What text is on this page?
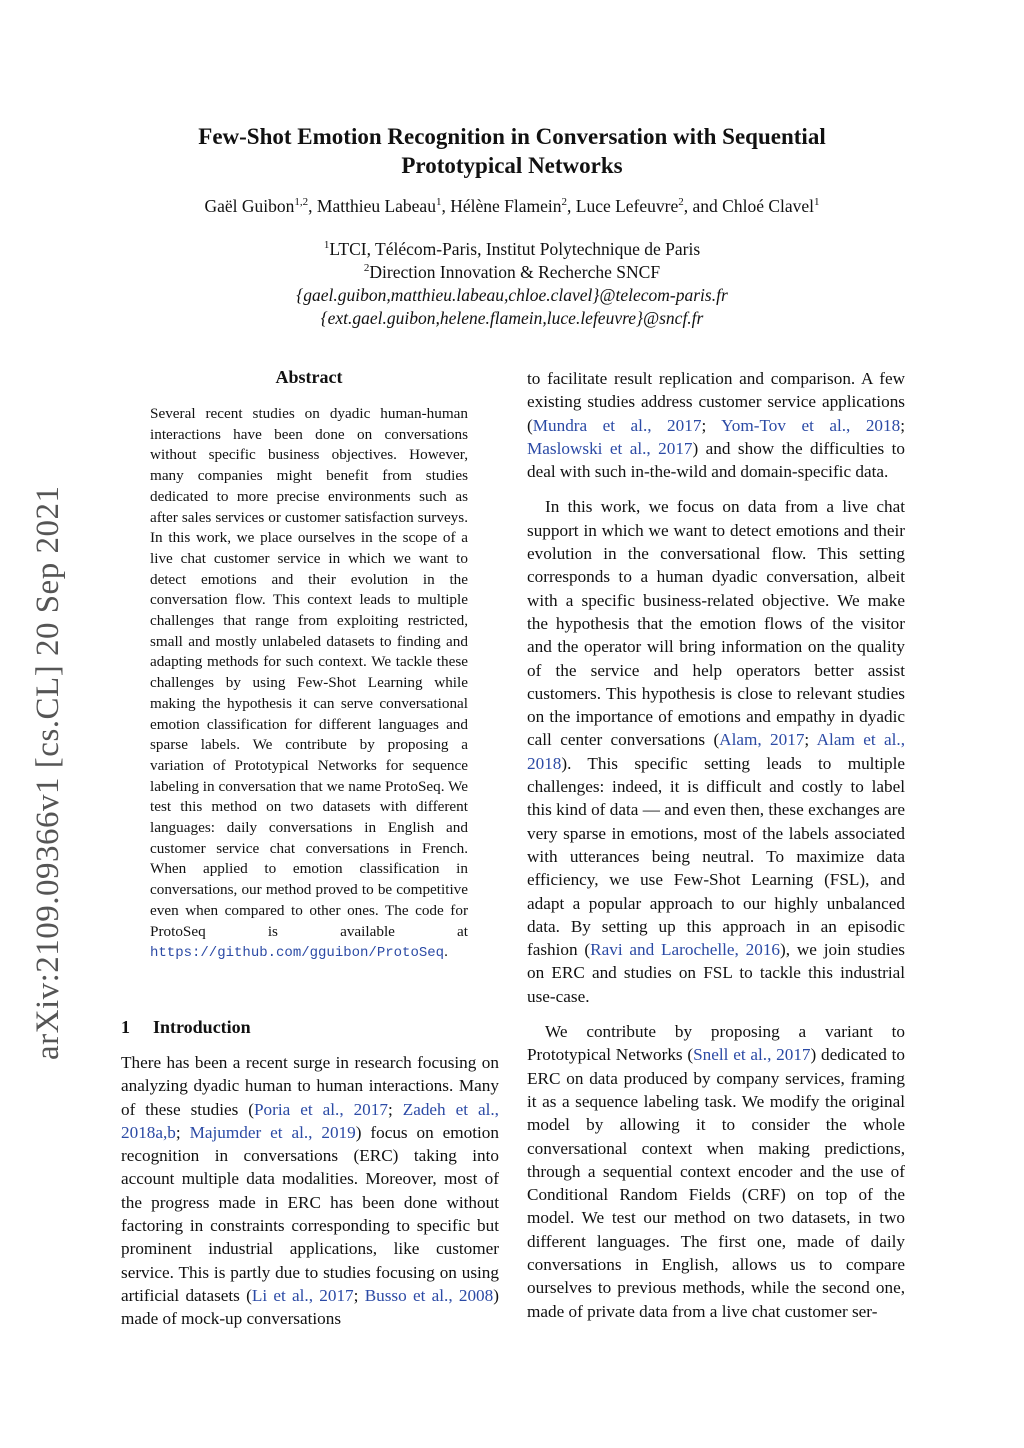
Few-Shot Emotion Recognition in Conversation with Sequential
Prototypical Networks
Gaël Guibon$^{1,2}$, Matthieu Labeau$^1$, Hélène Flamein$^2$, Luce Lefeuvre$^2$, and Chloé Clavel$^1$
$^1$LTCI, Télécom-Paris, Institut Polytechnique de Paris
$^2$Direction Innovation & Recherche SNCF
{gael.guibon,matthieu.labeau,chloe.clavel}@telecom-paris.fr
{ext.gael.guibon,helene.flamein,luce.lefeuvre}@sncf.fr
arXiv:2109.09366v1 [cs.CL] 20 Sep 2021
Abstract
Several recent studies on dyadic human-human interactions have been done on conversations without specific business objectives. However, many companies might benefit from studies dedicated to more precise environments such as after sales services or customer satisfaction surveys. In this work, we place ourselves in the scope of a live chat customer service in which we want to detect emotions and their evolution in the conversation flow. This context leads to multiple challenges that range from exploiting restricted, small and mostly unlabeled datasets to finding and adapting methods for such context. We tackle these challenges by using Few-Shot Learning while making the hypothesis it can serve conversational emotion classification for different languages and sparse labels. We contribute by proposing a variation of Prototypical Networks for sequence labeling in conversation that we name ProtoSeq. We test this method on two datasets with different languages: daily conversations in English and customer service chat conversations in French. When applied to emotion classification in conversations, our method proved to be competitive even when compared to other ones. The code for ProtoSeq is available at https://github.com/gguibon/ProtoSeq.
1 Introduction

There has been a recent surge in research focusing on analyzing dyadic human to human interactions. Many of these studies (Poria et al., 2017; Zadeh et al., 2018a,b; Majumder et al., 2019) focus on emotion recognition in conversations (ERC) taking into account multiple data modalities. Moreover, most of the progress made in ERC has been done without factoring in constraints corresponding to specific but prominent industrial applications, like customer service. This is partly due to studies focusing on using artificial datasets (Li et al., 2017; Busso et al., 2008) made of mock-up conversations

to facilitate result replication and comparison. A few existing studies address customer service applications (Mundra et al., 2017; Yom-Tov et al., 2018; Maslowski et al., 2017) and show the difficulties to deal with such in-the-wild and domain-specific data.

In this work, we focus on data from a live chat support in which we want to detect emotions and their evolution in the conversational flow. This setting corresponds to a human dyadic conversation, albeit with a specific business-related objective. We make the hypothesis that the emotion flows of the visitor and the operator will bring information on the quality of the service and help operators better assist customers. This hypothesis is close to relevant studies on the importance of emotions and empathy in dyadic call center conversations (Alam, 2017; Alam et al., 2018). This specific setting leads to multiple challenges: indeed, it is difficult and costly to label this kind of data — and even then, these exchanges are very sparse in emotions, most of the labels associated with utterances being neutral. To maximize data efficiency, we use Few-Shot Learning (FSL), and adapt a popular approach to our highly unbalanced data. By setting up this approach in an episodic fashion (Ravi and Larochelle, 2016), we join studies on ERC and studies on FSL to tackle this industrial use-case.

We contribute by proposing a variant to Prototypical Networks (Snell et al., 2017) dedicated to ERC on data produced by company services, framing it as a sequence labeling task. We modify the original model by allowing it to consider the whole conversational context when making predictions, through a sequential context encoder and the use of Conditional Random Fields (CRF) on top of the model. We test our method on two datasets, in two different languages. The first one, made of daily conversations in English, allows us to compare ourselves to previous methods, while the second one, made of private data from a live chat customer ser-
